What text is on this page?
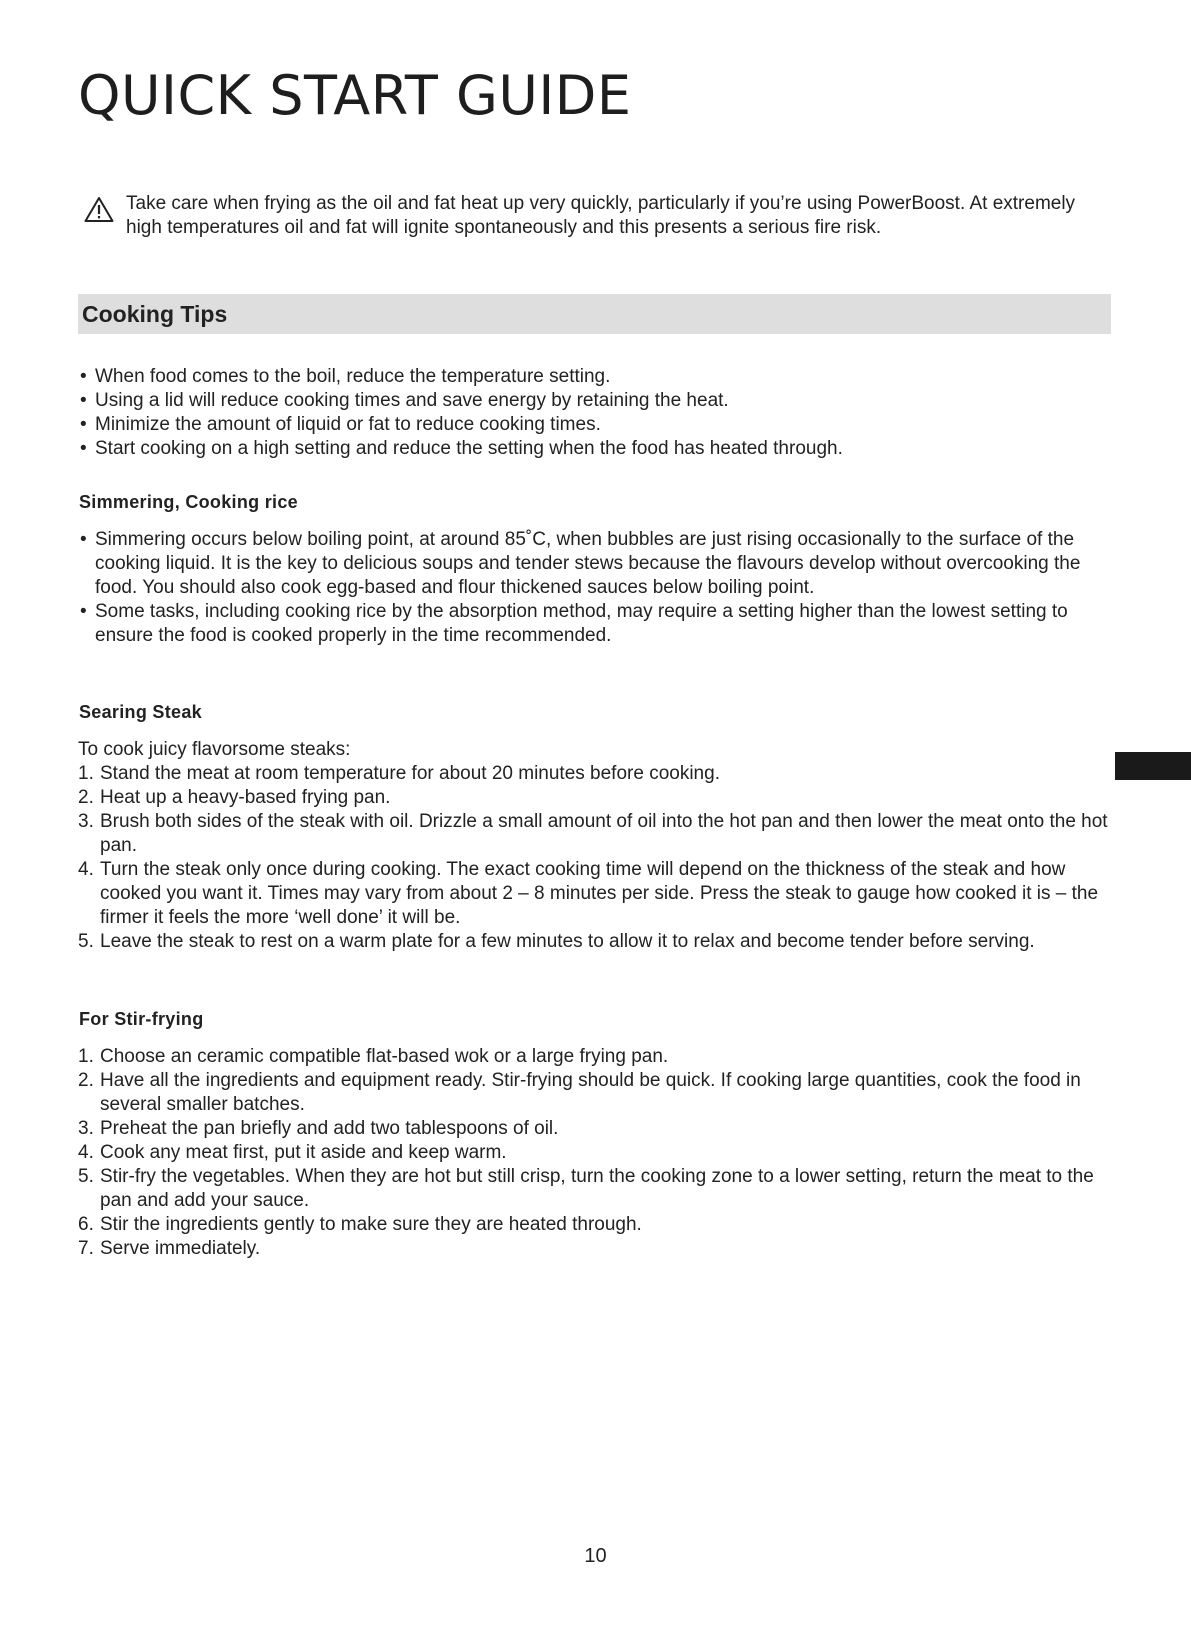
QUICK START GUIDE

Take care when frying as the oil and fat heat up very quickly, particularly if you’re using PowerBoost. At extremely high temperatures oil and fat will ignite spontaneously and this presents a serious fire risk.

Cooking Tips
• When food comes to the boil, reduce the temperature setting.
• Using a lid will reduce cooking times and save energy by retaining the heat.
• Minimize the amount of liquid or fat to reduce cooking times.
• Start cooking on a high setting and reduce the setting when the food has heated through.
Simmering, Cooking rice
• Simmering occurs below boiling point, at around 85˚C, when bubbles are just rising occasionally to the surface of the cooking liquid. It is the key to delicious soups and tender stews because the flavours develop without overcooking the food. You should also cook egg-based and flour thickened sauces below boiling point.
• Some tasks, including cooking rice by the absorption method, may require a setting higher than the lowest setting to ensure the food is cooked properly in the time recommended.
Searing Steak
To cook juicy flavorsome steaks:
1. Stand the meat at room temperature for about 20 minutes before cooking.
2. Heat up a heavy-based frying pan.
3. Brush both sides of the steak with oil. Drizzle a small amount of oil into the hot pan and then lower the meat onto the hot pan.
4. Turn the steak only once during cooking. The exact cooking time will depend on the thickness of the steak and how cooked you want it. Times may vary from about 2 – 8 minutes per side. Press the steak to gauge how cooked it is – the firmer it feels the more ‘well done’ it will be.
5. Leave the steak to rest on a warm plate for a few minutes to allow it to relax and become tender before serving.
For Stir-frying
1. Choose an ceramic compatible flat-based wok or a large frying pan.
2. Have all the ingredients and equipment ready. Stir-frying should be quick. If cooking large quantities, cook the food in several smaller batches.
3. Preheat the pan briefly and add two tablespoons of oil.
4. Cook any meat first, put it aside and keep warm.
5. Stir-fry the vegetables. When they are hot but still crisp, turn the cooking zone to a lower setting, return the meat to the pan and add your sauce.
6. Stir the ingredients gently to make sure they are heated through.
7. Serve immediately.
10
